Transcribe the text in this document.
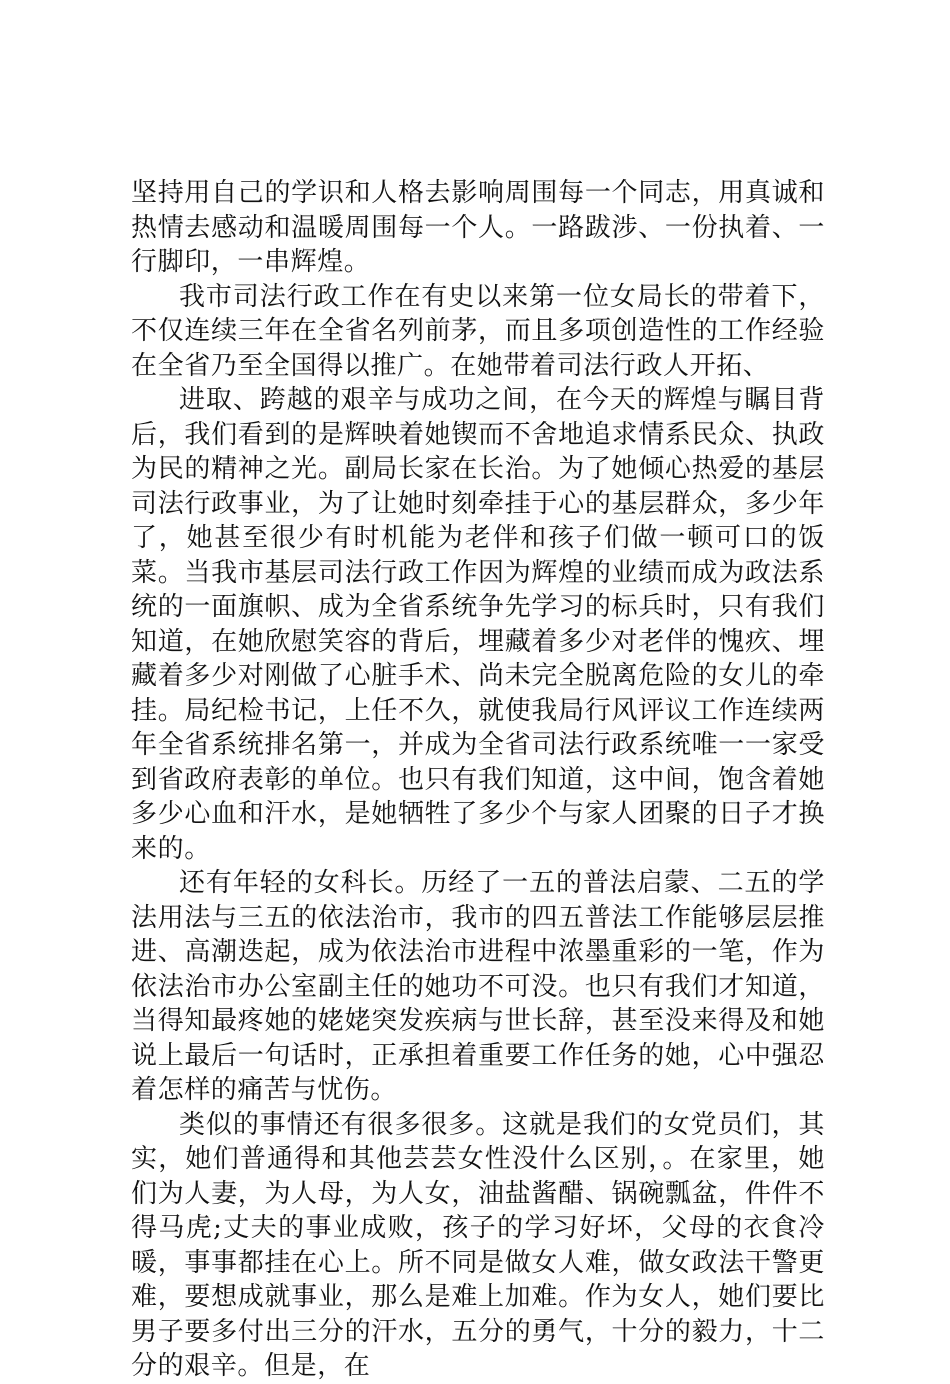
坚持用自己的学识和人格去影响周围每一个同志，用真诚和热情去感动和温暖周围每一个人。一路跋涉、一份执着、一行脚印，一串辉煌。

我市司法行政工作在有史以来第一位女局长的带着下，不仅连续三年在全省名列前茅，而且多项创造性的工作经验在全省乃至全国得以推广。在她带着司法行政人开拓、

进取、跨越的艰辛与成功之间，在今天的辉煌与瞩目背后，我们看到的是辉映着她锲而不舍地追求情系民众、执政为民的精神之光。副局长家在长治。为了她倾心热爱的基层司法行政事业，为了让她时刻牵挂于心的基层群众，多少年了，她甚至很少有时机能为老伴和孩子们做一顿可口的饭菜。当我市基层司法行政工作因为辉煌的业绩而成为政法系统的一面旗帜、成为全省系统争先学习的标兵时，只有我们知道，在她欣慰笑容的背后，埋藏着多少对老伴的愧疚、埋藏着多少对刚做了心脏手术、尚未完全脱离危险的女儿的牵挂。局纪检书记，上任不久，就使我局行风评议工作连续两年全省系统排名第一，并成为全省司法行政系统唯一一家受到省政府表彰的单位。也只有我们知道，这中间，饱含着她多少心血和汗水，是她牺牲了多少个与家人团聚的日子才换来的。

还有年轻的女科长。历经了一五的普法启蒙、二五的学法用法与三五的依法治市，我市的四五普法工作能够层层推进、高潮迭起，成为依法治市进程中浓墨重彩的一笔，作为依法治市办公室副主任的她功不可没。也只有我们才知道，当得知最疼她的姥姥突发疾病与世长辞，甚至没来得及和她说上最后一句话时，正承担着重要工作任务的她，心中强忍着怎样的痛苦与忧伤。

类似的事情还有很多很多。这就是我们的女党员们，其实，她们普通得和其他芸芸女性没什么区别，。在家里，她们为人妻，为人母，为人女，油盐酱醋、锅碗瓢盆，件件不得马虎;丈夫的事业成败，孩子的学习好坏，父母的衣食冷暖，事事都挂在心上。所不同是做女人难，做女政法干警更难，要想成就事业，那么是难上加难。作为女人，她们要比男子要多付出三分的汗水，五分的勇气，十分的毅力，十二分的艰辛。但是，在
